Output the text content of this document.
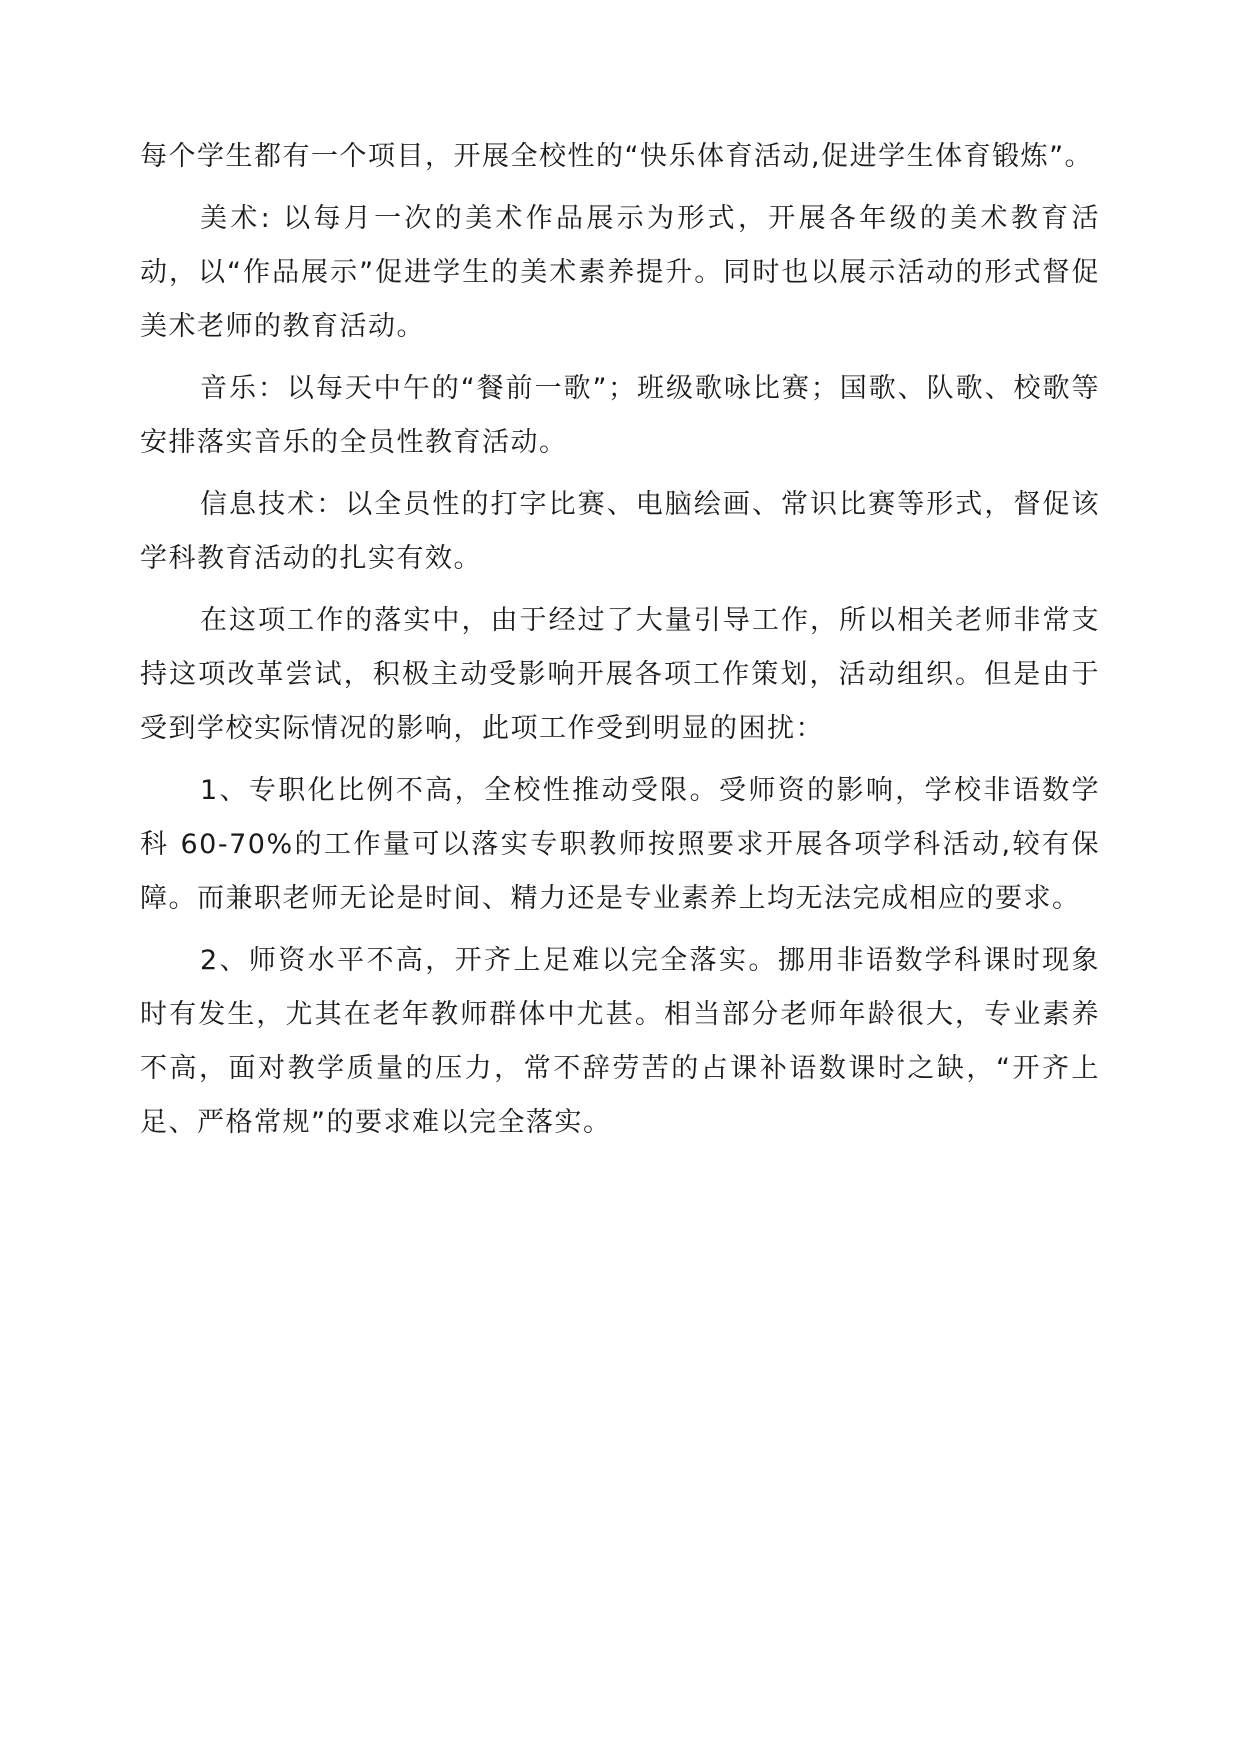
每个学生都有一个项目，开展全校性的“快乐体育活动,促进学生体育锻炼”。

美术: 以每月一次的美术作品展示为形式，开展各年级的美术教育活动，以“作品展示”促进学生的美术素养提升。同时也以展示活动的形式督促美术老师的教育活动。

音乐：以每天中午的“餐前一歌”；班级歌咏比赛；国歌、队歌、校歌等安排落实音乐的全员性教育活动。

信息技术：以全员性的打字比赛、电脑绘画、常识比赛等形式，督促该学科教育活动的扎实有效。

在这项工作的落实中，由于经过了大量引导工作，所以相关老师非常支持这项改革尝试，积极主动受影响开展各项工作策划，活动组织。但是由于受到学校实际情况的影响，此项工作受到明显的困扰：

1、专职化比例不高，全校性推动受限。受师资的影响，学校非语数学科 60-70%的工作量可以落实专职教师按照要求开展各项学科活动,较有保障。而兼职老师无论是时间、精力还是专业素养上均无法完成相应的要求。

2、师资水平不高，开齐上足难以完全落实。挪用非语数学科课时现象时有发生，尤其在老年教师群体中尤甚。相当部分老师年龄很大，专业素养不高，面对教学质量的压力，常不辞劳苦的占课补语数课时之缺，“开齐上足、严格常规”的要求难以完全落实。
